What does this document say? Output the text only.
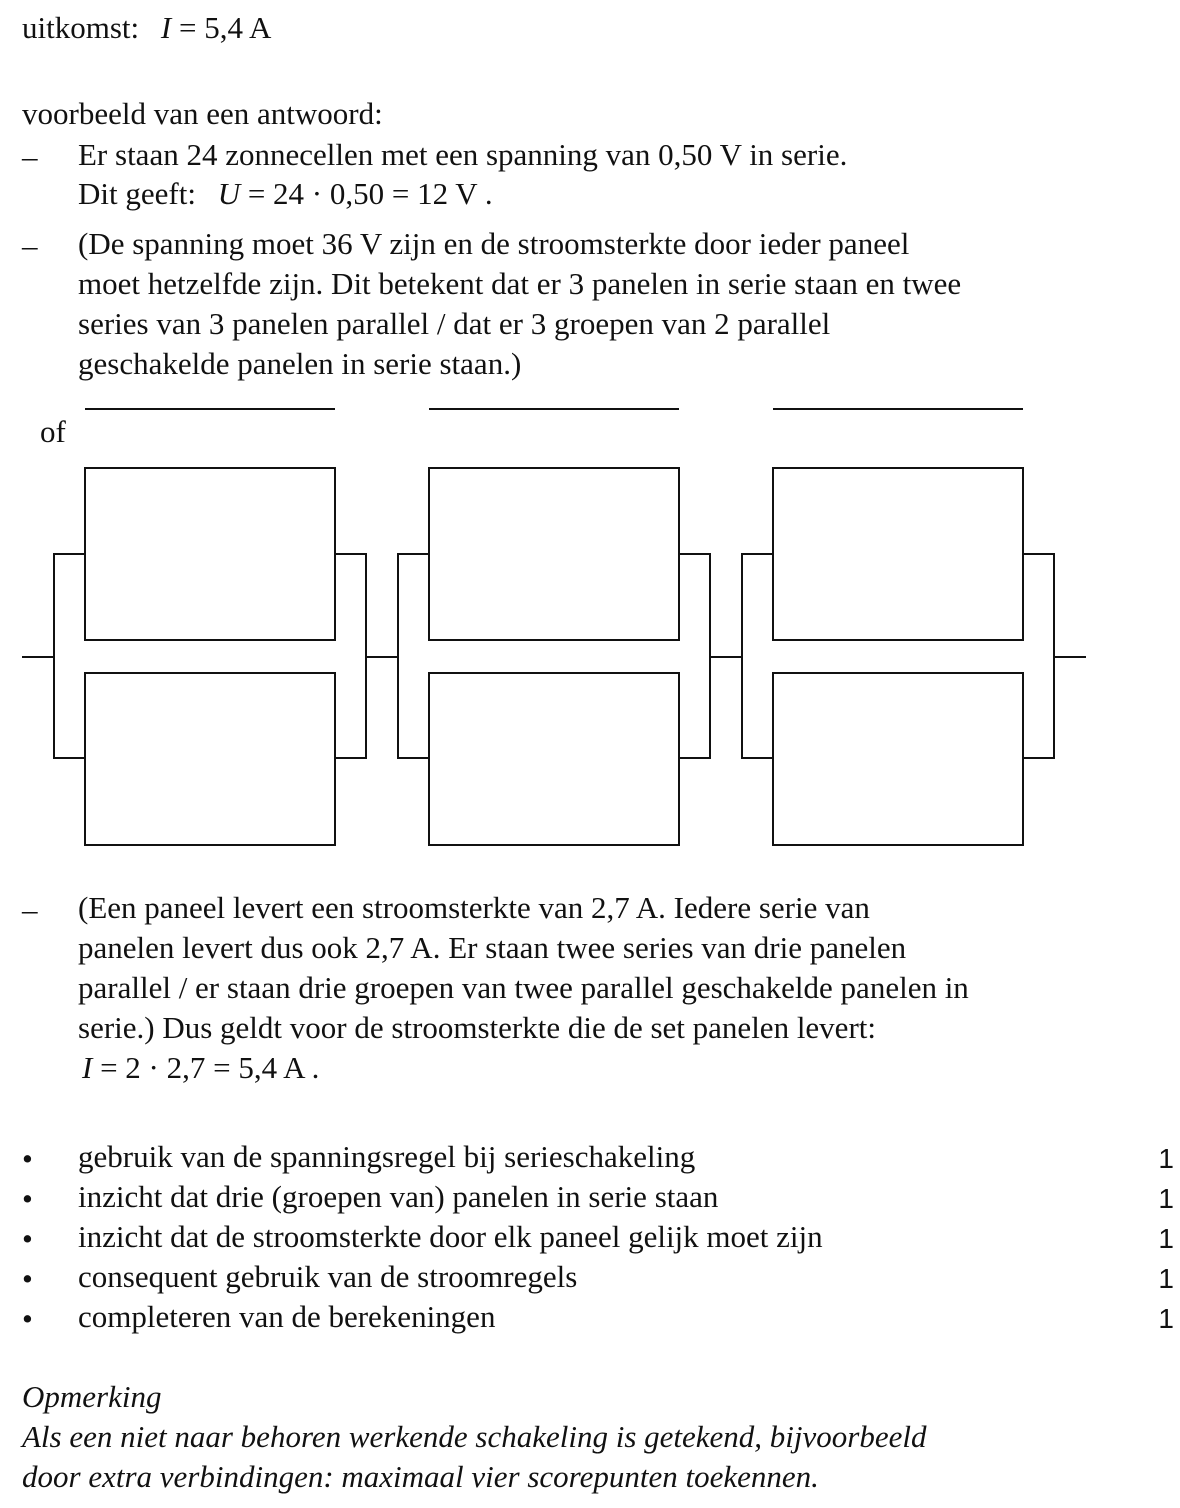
uitkomst: I = 5,4 A
voorbeeld van een antwoord:
– Er staan 24 zonnecellen met een spanning van 0,50 V in serie.
Dit geeft: U = 24 · 0,50 = 12 V .
– (De spanning moet 36 V zijn en de stroomsterkte door ieder paneel
moet hetzelfde zijn. Dit betekent dat er 3 panelen in serie staan en twee
series van 3 panelen parallel / dat er 3 groepen van 2 parallel
geschakelde panelen in serie staan.)
of
– (Een paneel levert een stroomsterkte van 2,7 A. Iedere serie van
panelen levert dus ook 2,7 A. Er staan twee series van drie panelen
parallel / er staan drie groepen van twee parallel geschakelde panelen in
serie.) Dus geldt voor de stroomsterkte die de set panelen levert:
I = 2 · 2,7 = 5,4 A .
• gebruik van de spanningsregel bij serieschakeling	1
• inzicht dat drie (groepen van) panelen in serie staan	1
• inzicht dat de stroomsterkte door elk paneel gelijk moet zijn	1
• consequent gebruik van de stroomregels	1
• completeren van de berekeningen	1
Opmerking
Als een niet naar behoren werkende schakeling is getekend, bijvoorbeeld
door extra verbindingen: maximaal vier scorepunten toekennen.
